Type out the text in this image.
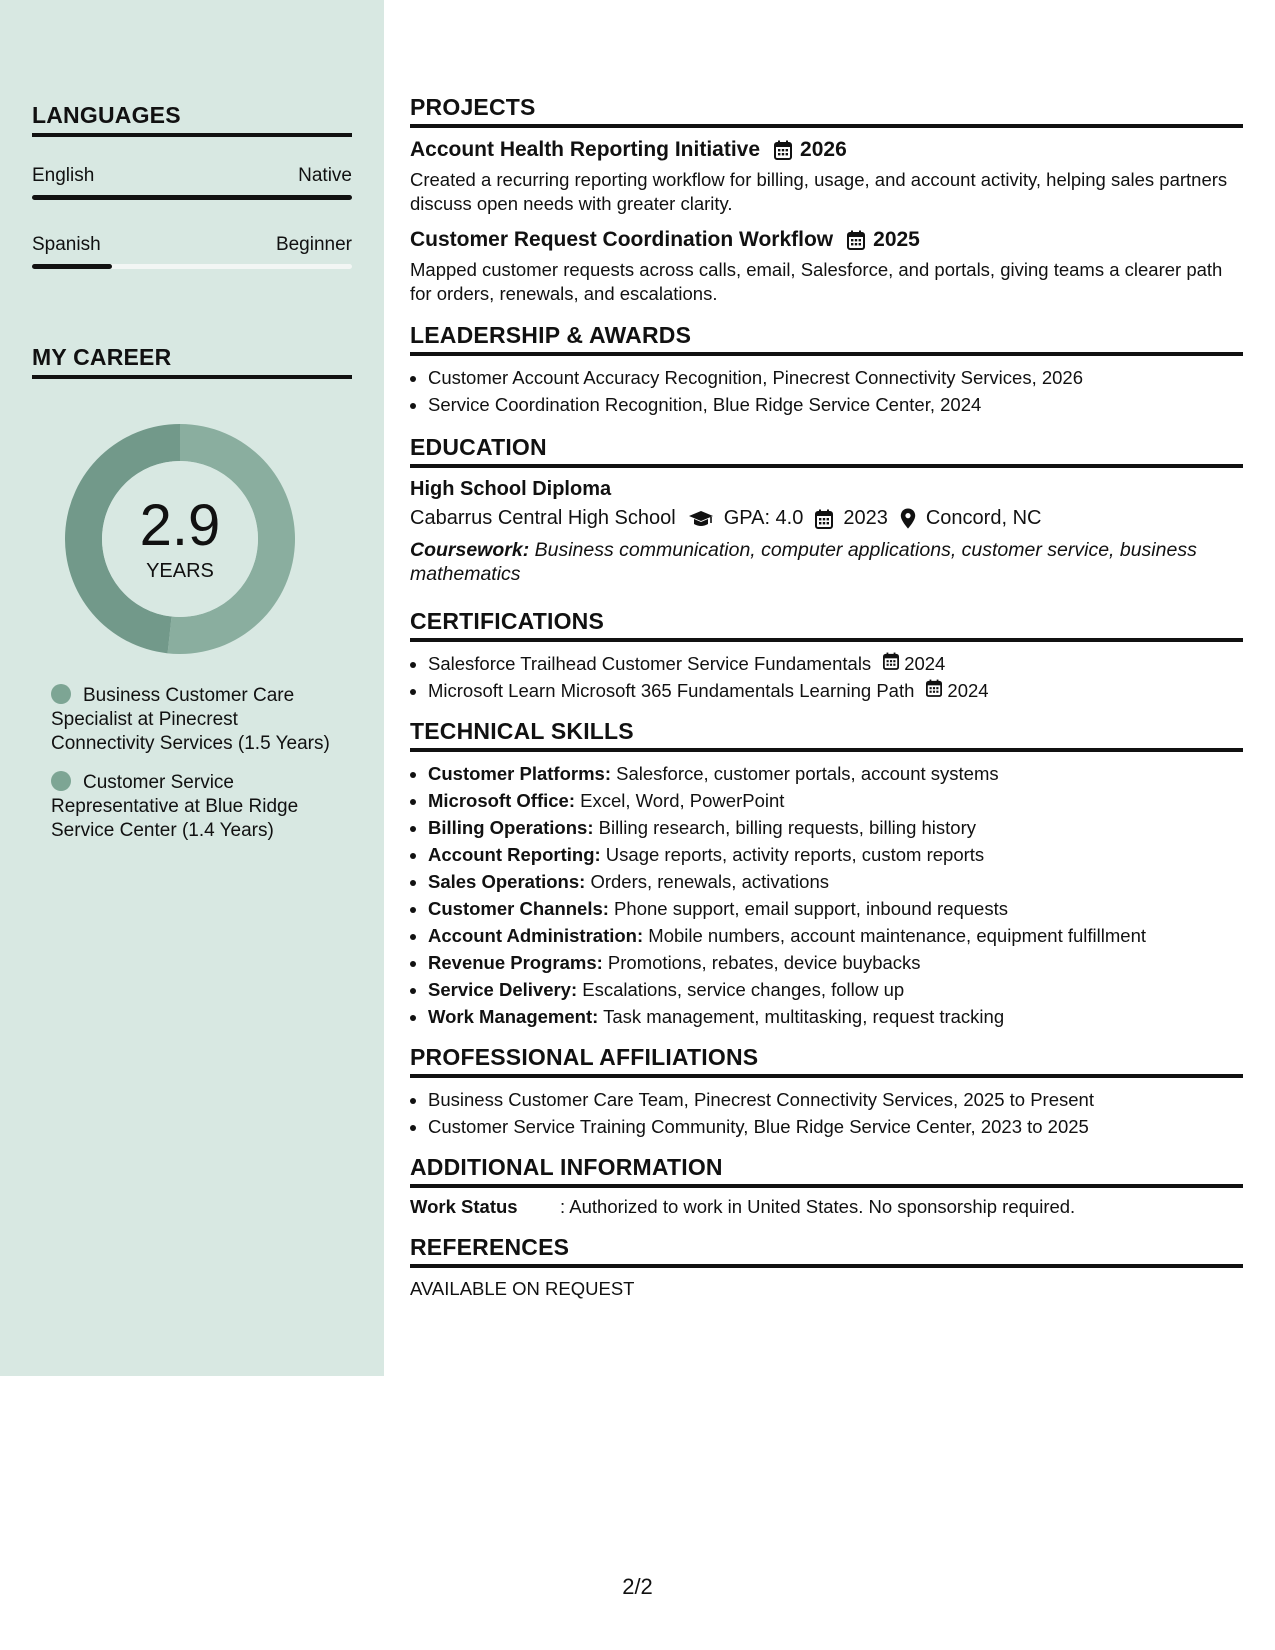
LANGUAGES
English	Native
Spanish	Beginner
MY CAREER
2.9
YEARS
Business Customer Care Specialist at Pinecrest Connectivity Services (1.5 Years)
Customer Service Representative at Blue Ridge Service Center (1.4 Years)
PROJECTS
Account Health Reporting Initiative 2026
Created a recurring reporting workflow for billing, usage, and account activity, helping sales partners discuss open needs with greater clarity.
Customer Request Coordination Workflow 2025
Mapped customer requests across calls, email, Salesforce, and portals, giving teams a clearer path for orders, renewals, and escalations.
LEADERSHIP & AWARDS
• Customer Account Accuracy Recognition, Pinecrest Connectivity Services, 2026
• Service Coordination Recognition, Blue Ridge Service Center, 2024
EDUCATION
High School Diploma
Cabarrus Central High School GPA: 4.0 2023 Concord, NC
Coursework: Business communication, computer applications, customer service, business mathematics
CERTIFICATIONS
• Salesforce Trailhead Customer Service Fundamentals 2024
• Microsoft Learn Microsoft 365 Fundamentals Learning Path 2024
TECHNICAL SKILLS
• Customer Platforms: Salesforce, customer portals, account systems
• Microsoft Office: Excel, Word, PowerPoint
• Billing Operations: Billing research, billing requests, billing history
• Account Reporting: Usage reports, activity reports, custom reports
• Sales Operations: Orders, renewals, activations
• Customer Channels: Phone support, email support, inbound requests
• Account Administration: Mobile numbers, account maintenance, equipment fulfillment
• Revenue Programs: Promotions, rebates, device buybacks
• Service Delivery: Escalations, service changes, follow up
• Work Management: Task management, multitasking, request tracking
PROFESSIONAL AFFILIATIONS
• Business Customer Care Team, Pinecrest Connectivity Services, 2025 to Present
• Customer Service Training Community, Blue Ridge Service Center, 2023 to 2025
ADDITIONAL INFORMATION
Work Status	: Authorized to work in United States. No sponsorship required.
REFERENCES
AVAILABLE ON REQUEST
2/2
